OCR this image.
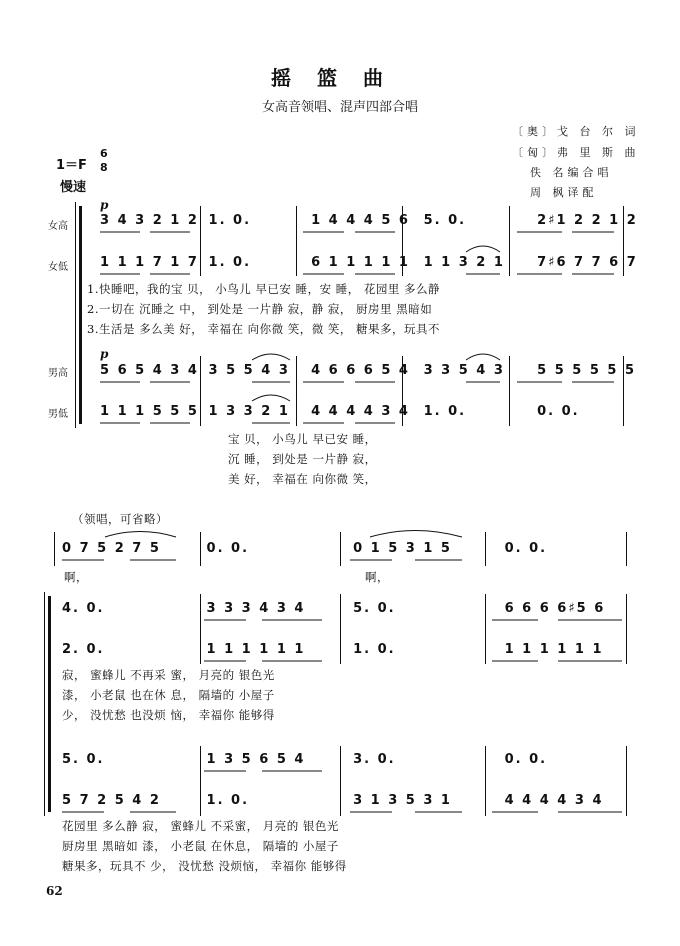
摇篮曲
女高音领唱、混声四部合唱
〔奥〕戈 台 尔 词
〔匈〕弗 里 斯 曲
佚 名编合唱
周 枫译配
1＝F
6
8
慢速
p
p
女高
女低
男高
男低
3 4 3 2 1 2 1. 0.	1 4 4 4 5 6 5. 0.	2♯1 2 2 1 2
1 1 1 7 1 7 1. 0.	6 1 1 1 1 1 1 1 3 2 1 7♯6 7 7 6 7
1.快睡吧，我的宝 贝， 小鸟儿 早已安 睡，安 睡， 花园里 多么静
2.一切在 沉睡之 中， 到处是 一片静 寂，静 寂， 厨房里 黑暗如
3.生活是 多么美 好， 幸福在 向你微 笑，微 笑， 糖果多，玩具不
5 6 5 4 3 4 3 5 5 4 3 4 6 6 6 5 4 3 3 5 4 3 5 5 5 5 5 5
1 1 1 5 5 5 1 3 3 2 1 4 4 4 4 3 4 1. 0.	0. 0.
宝 贝， 小鸟儿 早已安 睡，
沉 睡， 到处是 一片静 寂，
美 好， 幸福在 向你微 笑，
（领唱，可省略）
0 7 5 2 7 5	0. 0.	0 1 5 3 1 5	0. 0.
啊，	啊，
4. 0.	3 3 3 4 3 4	5. 0.	6 6 6 6♯5 6
2. 0.	1 1 1 1 1 1	1. 0.	1 1 1 1 1 1
寂， 蜜蜂儿 不再采 蜜， 月亮的 银色光
漆， 小老鼠 也在休 息， 隔墙的 小屋子
少， 没忧愁 也没烦 恼， 幸福你 能够得
5. 0.	1 3 5 6 5 4	3. 0.	0. 0.
5 7 2 5 4 2	1. 0.	3 1 3 5 3 1	4 4 4 4 3 4
花园里 多么静 寂， 蜜蜂儿 不采蜜， 月亮的 银色光
厨房里 黑暗如 漆， 小老鼠 在休息， 隔墙的 小屋子
糖果多，玩具不 少， 没忧愁 没烦恼， 幸福你 能够得
62
